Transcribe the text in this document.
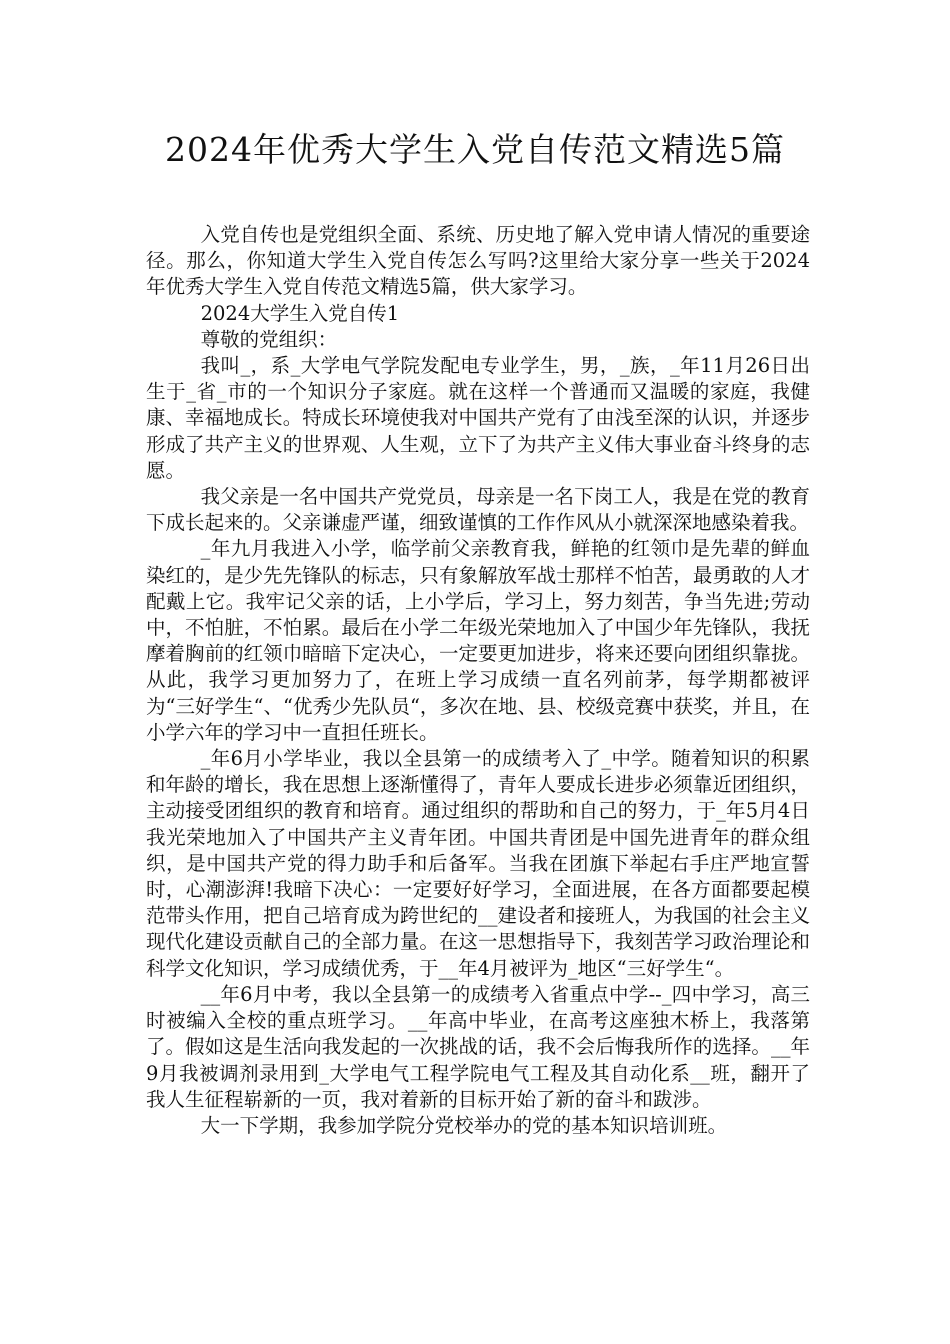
2024年优秀大学生入党自传范文精选5篇

入党自传也是党组织全面、系统、历史地了解入党申请人情况的重要途径。那么，你知道大学生入党自传怎么写吗?这里给大家分享一些关于2024年优秀大学生入党自传范文精选5篇，供大家学习。

2024大学生入党自传1

尊敬的党组织：

我叫_，系_大学电气学院发配电专业学生，男，_族，_年11月26日出生于_省_市的一个知识分子家庭。就在这样一个普通而又温暖的家庭，我健康、幸福地成长。特成长环境使我对中国共产党有了由浅至深的认识，并逐步形成了共产主义的世界观、人生观，立下了为共产主义伟大事业奋斗终身的志愿。

我父亲是一名中国共产党党员，母亲是一名下岗工人，我是在党的教育下成长起来的。父亲谦虚严谨，细致谨慎的工作作风从小就深深地感染着我。

_年九月我进入小学，临学前父亲教育我，鲜艳的红领巾是先辈的鲜血染红的，是少先先锋队的标志，只有象解放军战士那样不怕苦，最勇敢的人才配戴上它。我牢记父亲的话，上小学后，学习上，努力刻苦，争当先进;劳动中，不怕脏，不怕累。最后在小学二年级光荣地加入了中国少年先锋队，我抚摩着胸前的红领巾暗暗下定决心，一定要更加进步，将来还要向团组织靠拢。从此，我学习更加努力了，在班上学习成绩一直名列前茅，每学期都被评为“三好学生“、“优秀少先队员“，多次在地、县、校级竞赛中获奖，并且，在小学六年的学习中一直担任班长。

_年6月小学毕业，我以全县第一的成绩考入了_中学。随着知识的积累和年龄的增长，我在思想上逐渐懂得了，青年人要成长进步必须靠近团组织，主动接受团组织的教育和培育。通过组织的帮助和自己的努力，于_年5月4日我光荣地加入了中国共产主义青年团。中国共青团是中国先进青年的群众组织，是中国共产党的得力助手和后备军。当我在团旗下举起右手庄严地宣誓时，心潮澎湃!我暗下决心：一定要好好学习，全面进展，在各方面都要起模范带头作用，把自己培育成为跨世纪的__建设者和接班人，为我国的社会主义现代化建设贡献自己的全部力量。在这一思想指导下，我刻苦学习政治理论和科学文化知识，学习成绩优秀，于__年4月被评为_地区“三好学生“。

__年6月中考，我以全县第一的成绩考入省重点中学--_四中学习，高三时被编入全校的重点班学习。__年高中毕业，在高考这座独木桥上，我落第了。假如这是生活向我发起的一次挑战的话，我不会后悔我所作的选择。__年9月我被调剂录用到_大学电气工程学院电气工程及其自动化系__班，翻开了我人生征程崭新的一页，我对着新的目标开始了新的奋斗和跋涉。

大一下学期，我参加学院分党校举办的党的基本知识培训班。
